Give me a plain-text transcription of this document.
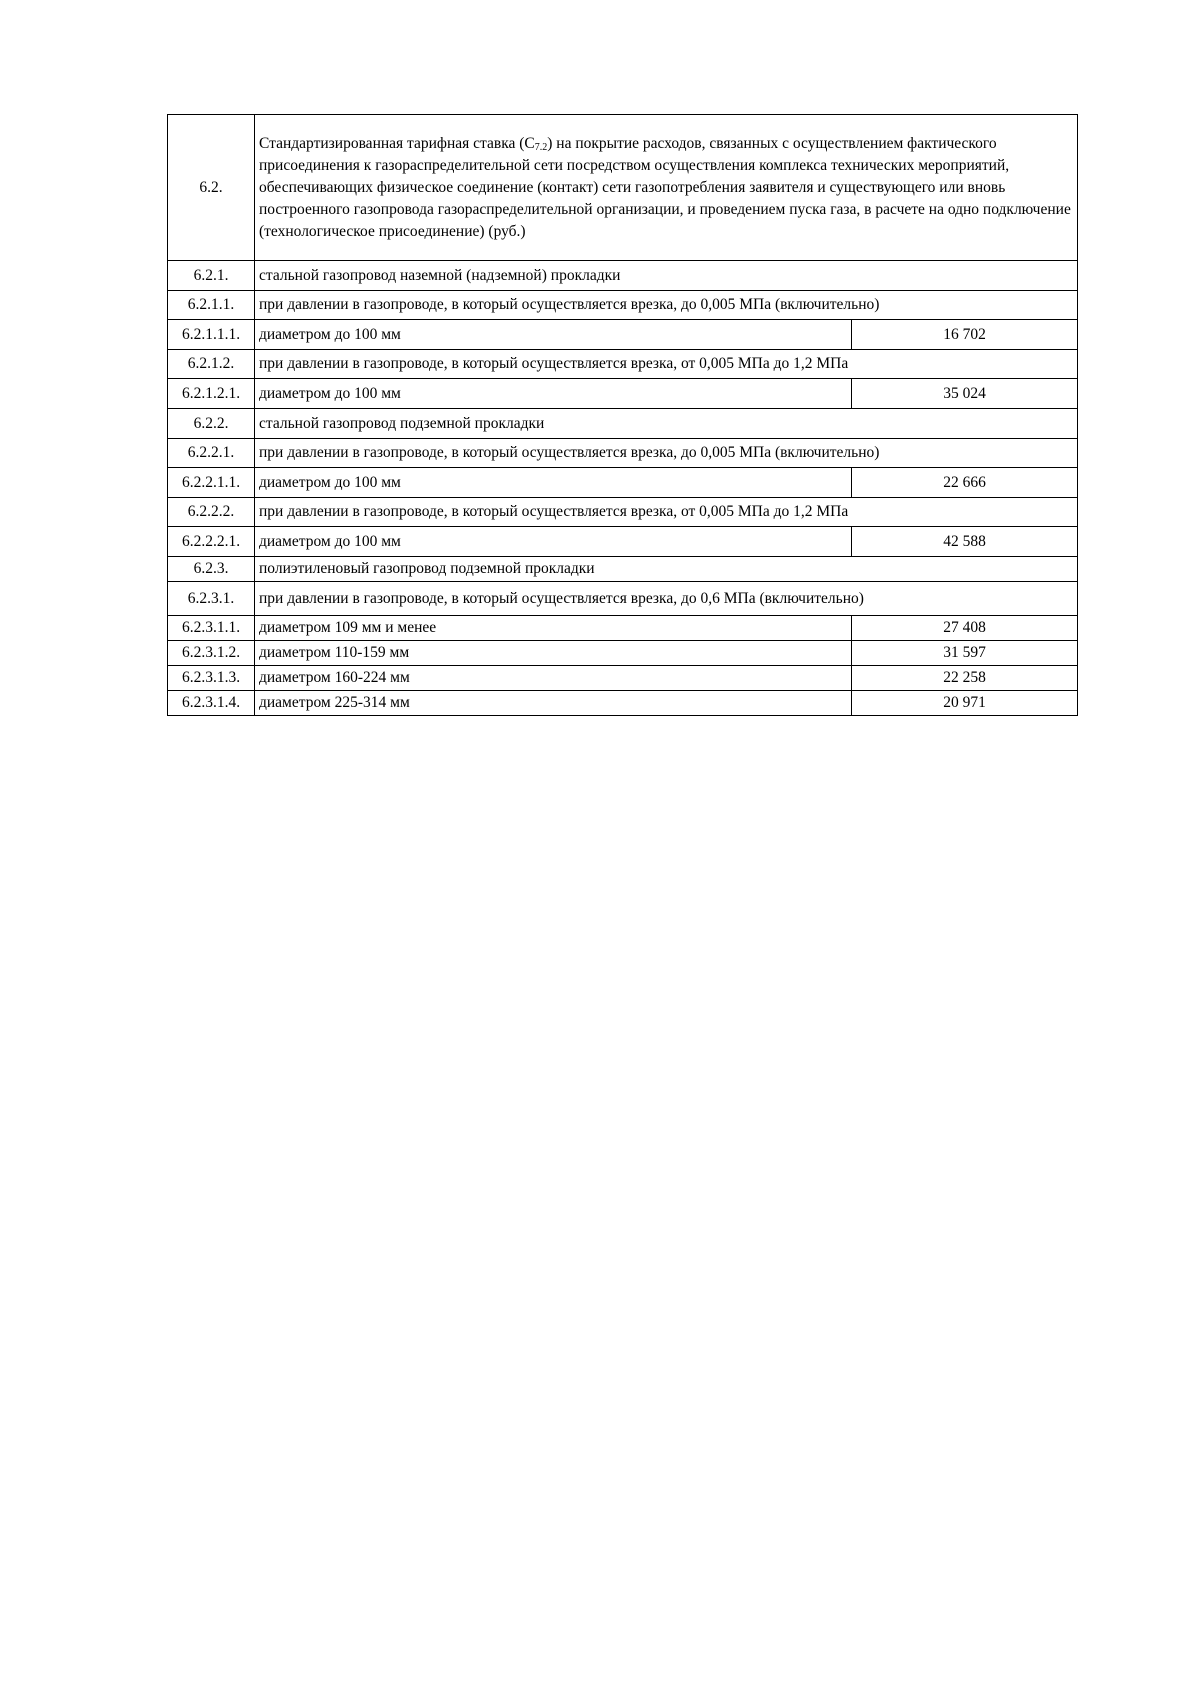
6.2.	Стандартизированная тарифная ставка $(С_{7.2})$ на покрытие расходов, связанных с осуществлением фактического присоединения к газораспределительной сети посредством осуществления комплекса технических мероприятий, обеспечивающих физическое соединение (контакт) сети газопотребления заявителя и существующего или вновь построенного газопровода газораспределительной организации, и проведением пуска газа, в расчете на одно подключение (технологическое присоединение) (руб.)	
6.2.1.	стальной газопровод наземной (надземной) прокладки	
6.2.1.1.	при давлении в газопроводе, в который осуществляется врезка, до 0,005 МПа (включительно)	
6.2.1.1.1.	диаметром до 100 мм	16 702
6.2.1.2.	при давлении в газопроводе, в который осуществляется врезка, от 0,005 МПа до 1,2 МПа	
6.2.1.2.1.	диаметром до 100 мм	35 024
6.2.2.	стальной газопровод подземной прокладки	
6.2.2.1.	при давлении в газопроводе, в который осуществляется врезка, до 0,005 МПа (включительно)	
6.2.2.1.1.	диаметром до 100 мм	22 666
6.2.2.2.	при давлении в газопроводе, в который осуществляется врезка, от 0,005 МПа до 1,2 МПа	
6.2.2.2.1.	диаметром до 100 мм	42 588
6.2.3.	полиэтиленовый газопровод подземной прокладки	
6.2.3.1.	при давлении в газопроводе, в который осуществляется врезка, до 0,6 МПа (включительно)	
6.2.3.1.1.	диаметром 109 мм и менее	27 408
6.2.3.1.2.	диаметром 110-159 мм	31 597
6.2.3.1.3.	диаметром 160-224 мм	22 258
6.2.3.1.4.	диаметром 225-314 мм	20 971
